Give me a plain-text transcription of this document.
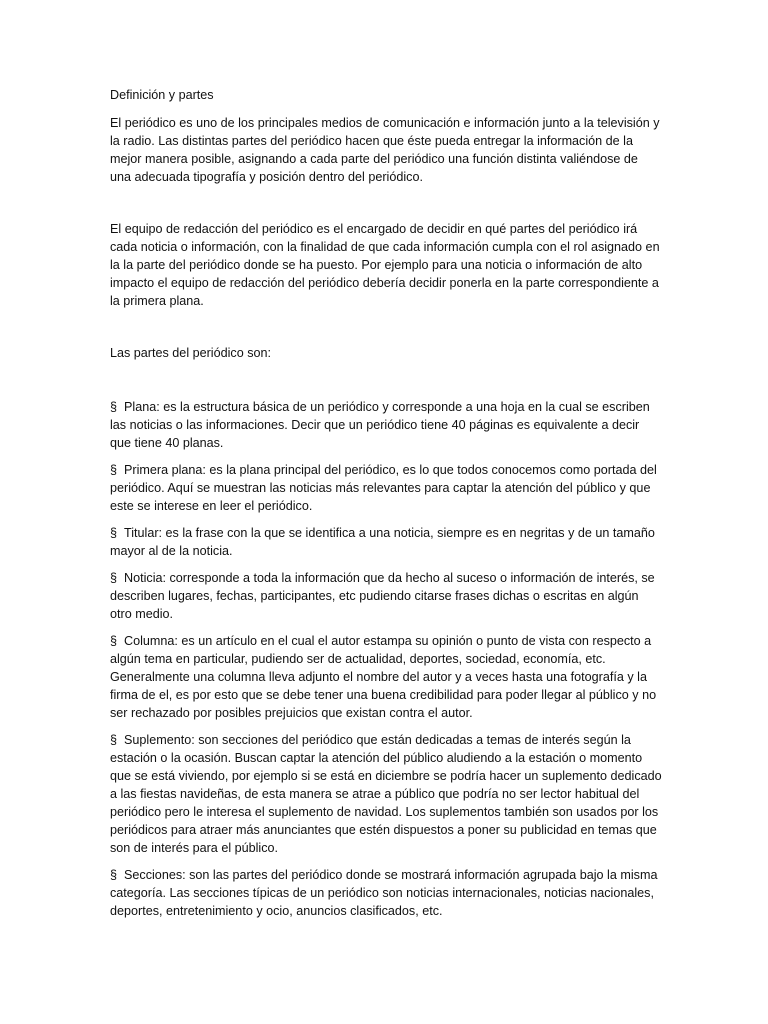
Definición y partes

El periódico es uno de los principales medios de comunicación e información junto a la televisión y la radio. Las distintas partes del periódico hacen que éste pueda entregar la información de la mejor manera posible, asignando a cada parte del periódico una función distinta valiéndose de una adecuada tipografía y posición dentro del periódico.

El equipo de redacción del periódico es el encargado de decidir en qué partes del periódico irá cada noticia o información, con la finalidad de que cada información cumpla con el rol asignado en la la parte del periódico donde se ha puesto. Por ejemplo para una noticia o información de alto impacto el equipo de redacción del periódico debería decidir ponerla en la parte correspondiente a la primera plana.

Las partes del periódico son:

§ Plana: es la estructura básica de un periódico y corresponde a una hoja en la cual se escriben las noticias o las informaciones. Decir que un periódico tiene 40 páginas es equivalente a decir que tiene 40 planas.

§ Primera plana: es la plana principal del periódico, es lo que todos conocemos como portada del periódico. Aquí se muestran las noticias más relevantes para captar la atención del público y que este se interese en leer el periódico.

§ Titular: es la frase con la que se identifica a una noticia, siempre es en negritas y de un tamaño mayor al de la noticia.

§ Noticia: corresponde a toda la información que da hecho al suceso o información de interés, se describen lugares, fechas, participantes, etc pudiendo citarse frases dichas o escritas en algún otro medio.

§ Columna: es un artículo en el cual el autor estampa su opinión o punto de vista con respecto a algún tema en particular, pudiendo ser de actualidad, deportes, sociedad, economía, etc. Generalmente una columna lleva adjunto el nombre del autor y a veces hasta una fotografía y la firma de el, es por esto que se debe tener una buena credibilidad para poder llegar al público y no ser rechazado por posibles prejuicios que existan contra el autor.

§ Suplemento: son secciones del periódico que están dedicadas a temas de interés según la estación o la ocasión. Buscan captar la atención del público aludiendo a la estación o momento que se está viviendo, por ejemplo si se está en diciembre se podría hacer un suplemento dedicado a las fiestas navideñas, de esta manera se atrae a público que podría no ser lector habitual del periódico pero le interesa el suplemento de navidad. Los suplementos también son usados por los periódicos para atraer más anunciantes que estén dispuestos a poner su publicidad en temas que son de interés para el público.

§ Secciones: son las partes del periódico donde se mostrará información agrupada bajo la misma categoría. Las secciones típicas de un periódico son noticias internacionales, noticias nacionales, deportes, entretenimiento y ocio, anuncios clasificados, etc.
